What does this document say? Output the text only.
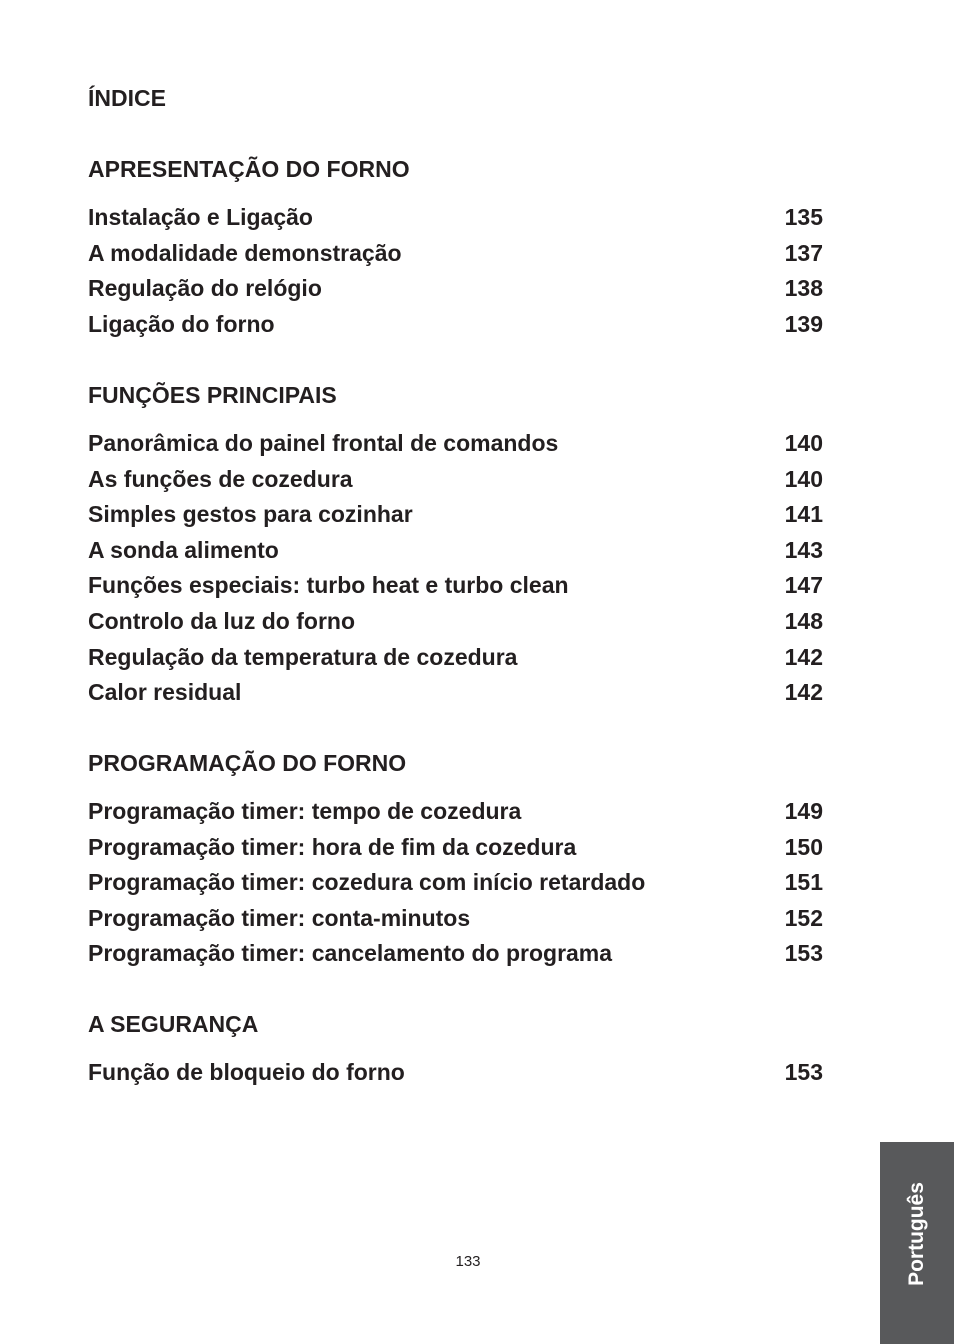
ÍNDICE
APRESENTAÇÃO DO FORNO
Instalação e Ligação	135
A modalidade demonstração	137
Regulação do relógio	138
Ligação do forno	139
FUNÇÕES PRINCIPAIS
Panorâmica do painel frontal de comandos	140
As funções de cozedura	140
Simples gestos para cozinhar	141
A sonda alimento	143
Funções especiais: turbo heat e turbo clean	147
Controlo da luz do forno	148
Regulação da temperatura de cozedura	142
Calor residual	142
PROGRAMAÇÃO DO FORNO
Programação timer: tempo de cozedura	149
Programação timer: hora de fim da cozedura	150
Programação timer: cozedura com início retardado	151
Programação timer: conta-minutos	152
Programação timer: cancelamento do programa	153
A SEGURANÇA
Função de bloqueio do forno	153
133	Português
